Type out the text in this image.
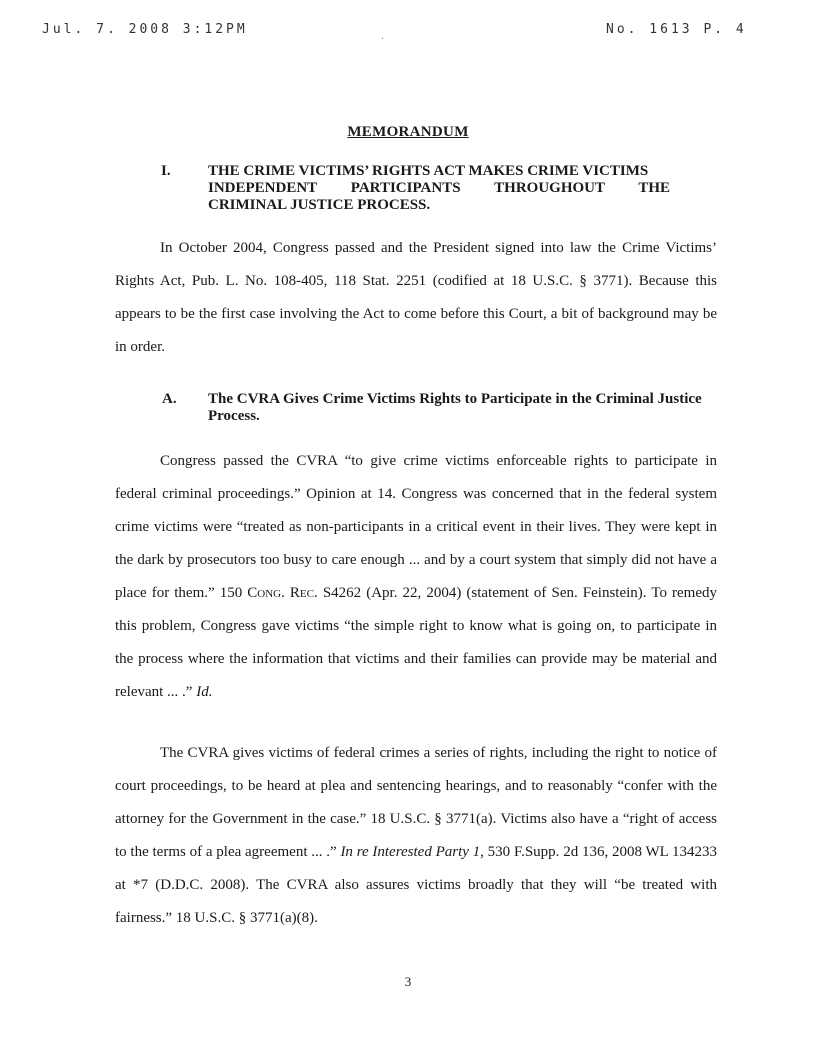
Jul. 7. 2008 3:12PM	No. 1613 P. 4
·
MEMORANDUM
I. THE CRIME VICTIMS’ RIGHTS ACT MAKES CRIME VICTIMS
INDEPENDENT PARTICIPANTS THROUGHOUT THE
CRIMINAL JUSTICE PROCESS.
In October 2004, Congress passed and the President signed into law the Crime Victims’ Rights Act, Pub. L. No. 108-405, 118 Stat. 2251 (codified at 18 U.S.C. § 3771). Because this appears to be the first case involving the Act to come before this Court, a bit of background may be in order.
A. The CVRA Gives Crime Victims Rights to Participate in the Criminal Justice Process.
Congress passed the CVRA “to give crime victims enforceable rights to participate in federal criminal proceedings.” Opinion at 14. Congress was concerned that in the federal system crime victims were “treated as non-participants in a critical event in their lives. They were kept in the dark by prosecutors too busy to care enough ... and by a court system that simply did not have a place for them.” 150 Cong. Rec. S4262 (Apr. 22, 2004) (statement of Sen. Feinstein). To remedy this problem, Congress gave victims “the simple right to know what is going on, to participate in the process where the information that victims and their families can provide may be material and relevant ... .” Id.
The CVRA gives victims of federal crimes a series of rights, including the right to notice of court proceedings, to be heard at plea and sentencing hearings, and to reasonably “confer with the attorney for the Government in the case.” 18 U.S.C. § 3771(a). Victims also have a “right of access to the terms of a plea agreement ... .” In re Interested Party 1, 530 F.Supp. 2d 136, 2008 WL 134233 at *7 (D.D.C. 2008). The CVRA also assures victims broadly that they will “be treated with fairness.” 18 U.S.C. § 3771(a)(8).
3
